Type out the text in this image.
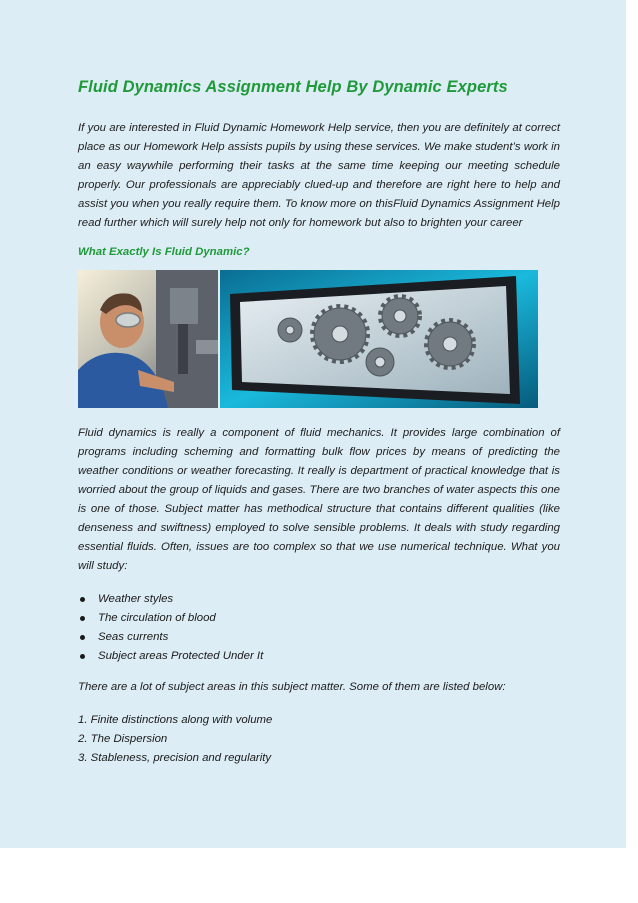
Fluid Dynamics Assignment Help By Dynamic Experts

If you are interested in Fluid Dynamic Homework Help service, then you are definitely at correct place as our Homework Help assists pupils by using these services. We make student’s work in an easy waywhile performing their tasks at the same time keeping our meeting schedule properly. Our professionals are appreciably clued-up and therefore are right here to help and assist you when you really require them. To know more on thisFluid Dynamics Assignment Help read further which will surely help not only for homework but also to brighten your career

What Exactly Is Fluid Dynamic?

Fluid dynamics is really a component of fluid mechanics. It provides large combination of programs including scheming and formatting bulk flow prices by means of predicting the weather conditions or weather forecasting. It really is department of practical knowledge that is worried about the group of liquids and gases. There are two branches of water aspects this one is one of those. Subject matter has methodical structure that contains different qualities (like denseness and swiftness) employed to solve sensible problems. It deals with study regarding essential fluids. Often, issues are too complex so that we use numerical technique. What you will study:

Weather styles
The circulation of blood
Seas currents
Subject areas Protected Under It

There are a lot of subject areas in this subject matter. Some of them are listed below:

1. Finite distinctions along with volume
2. The Dispersion
3. Stableness, precision and regularity
